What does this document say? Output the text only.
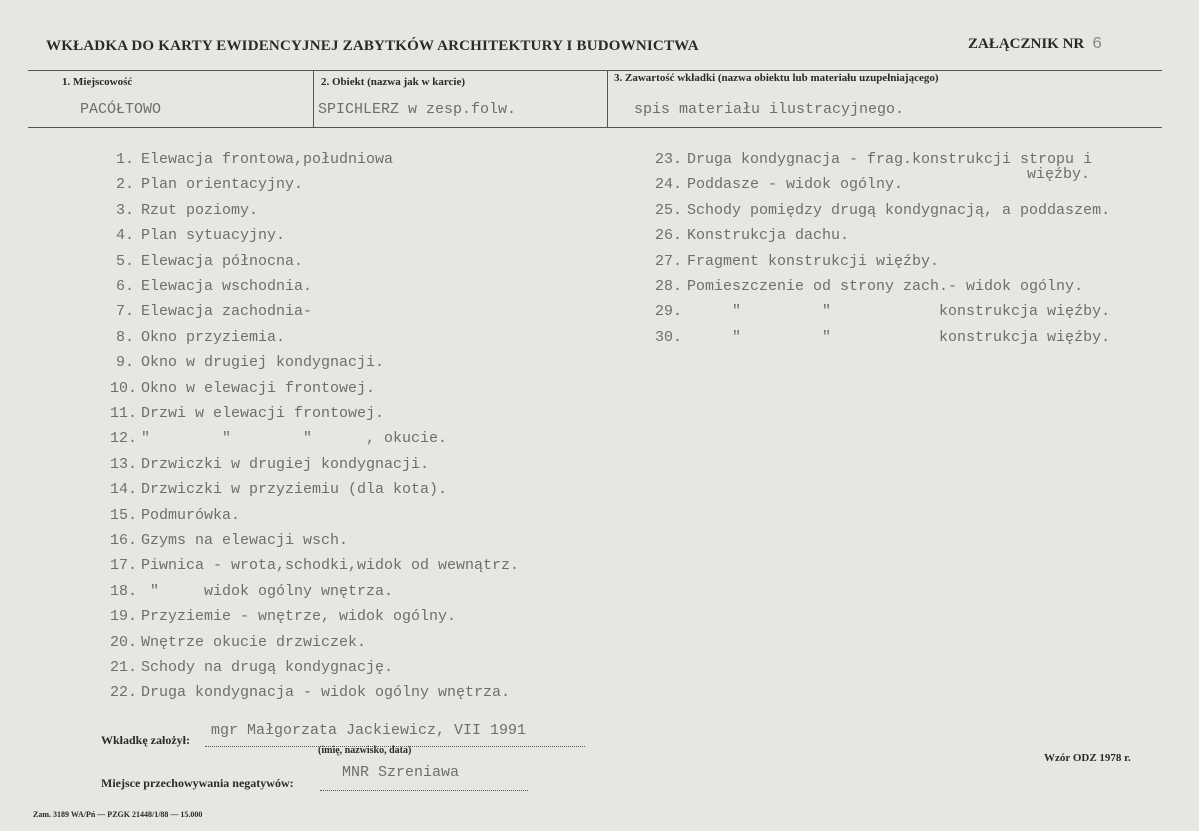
WKŁADKA DO KARTY EWIDENCYJNEJ ZABYTKÓW ARCHITEKTURY I BUDOWNICTWA	ZAŁĄCZNIK NR 6
1. Miejscowość
PACÓŁTOWO
2. Obiekt (nazwa jak w karcie)
SPICHLERZ w zesp.folw.
3. Zawartość wkładki (nazwa obiektu lub materiału uzupełniającego)
spis materiału ilustracyjnego.
1. Elewacja frontowa,południowa
2. Plan orientacyjny.
3. Rzut poziomy.
4. Plan sytuacyjny.
5. Elewacja północna.
6. Elewacja wschodnia.
7. Elewacja zachodnia-
8. Okno przyziemia.
9. Okno w drugiej kondygnacji.
10. Okno w elewacji frontowej.
11. Drzwi w elewacji frontowej.
12. "        "        "      , okucie.
13. Drzwiczki w drugiej kondygnacji.
14. Drzwiczki w przyziemiu (dla kota).
15. Podmurówka.
16. Gzyms na elewacji wsch.
17. Piwnica - wrota,schodki,widok od wewnątrz.
18. "     widok ogólny wnętrza.
19. Przyziemie - wnętrze, widok ogólny.
20. Wnętrze okucie drzwiczek.
21. Schody na drugą kondygnację.
22. Druga kondygnacja - widok ogólny wnętrza.
23. Druga kondygnacja - frag.konstrukcji stropu i
24. Poddasze - widok ogólny.
25. Schody pomiędzy drugą kondygnacją, a poddaszem.
26. Konstrukcja dachu.
27. Fragment konstrukcji więźby.
28. Pomieszczenie od strony zach.- widok ogólny.
29. "         "            konstrukcja więźby.
30. "         "            konstrukcja więźby.
więźby.
Wkładkę założył:
mgr Małgorzata Jackiewicz, VII 1991
(imię, nazwisko, data)
Wzór ODZ 1978 r.
Miejsce przechowywania negatywów:
MNR Szreniawa
Zam. 3189 WA/Pń — PZGK 21448/1/88 — 15.000
